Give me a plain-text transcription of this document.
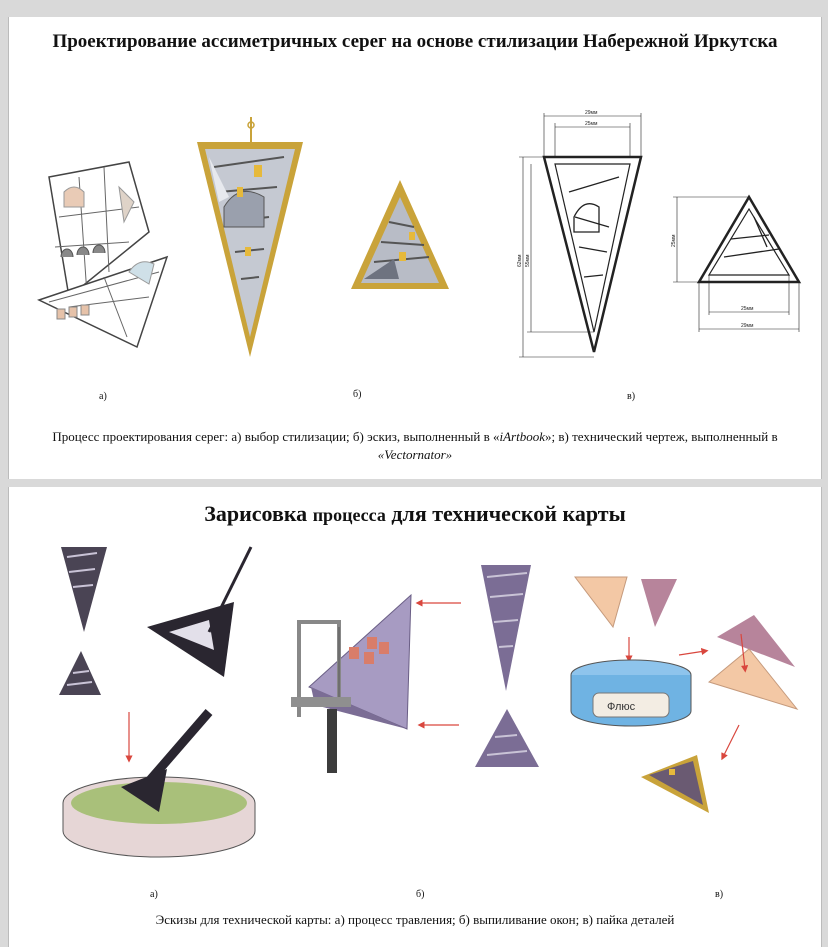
Проектирование ассиметричных серег на основе стилизации Набережной Иркутска
29мм
25мм
62мм 55мм
25мм
25мм
29мм
а)	б)	в)
Процесс проектирования серег: а) выбор стилизации; б) эскиз, выполненный в «iArtbook»; в) технический чертеж, выполненный в «Vectornator»
Зарисовка процесса для технической карты
Флюс
а)	б)	в)
Эскизы для технической карты: а) процесс травления; б) выпиливание окон; в) пайка деталей
